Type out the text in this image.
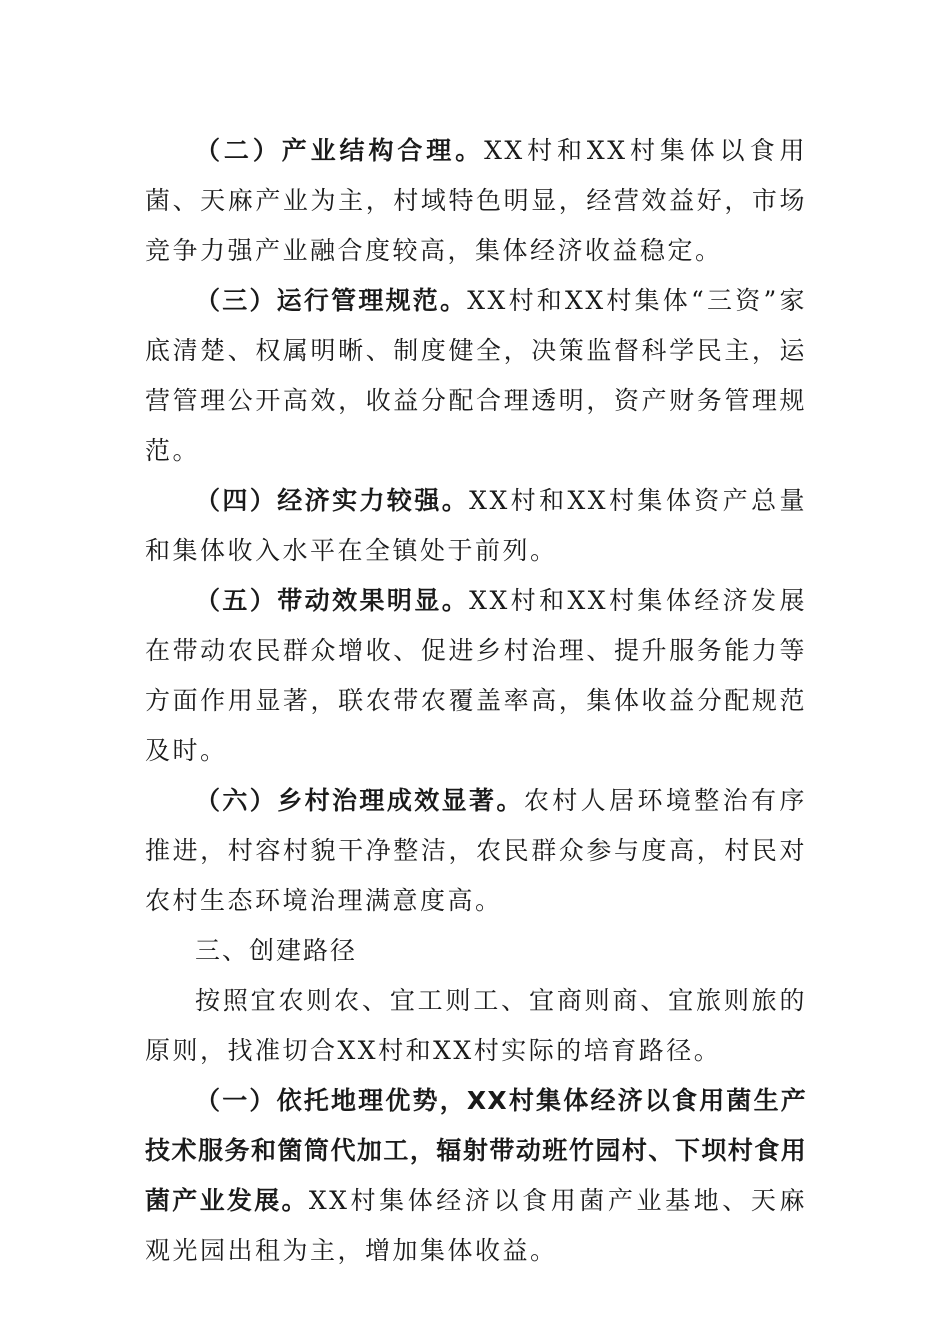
（二）产业结构合理。XX村和XX村集体以食用菌、天麻产业为主，村域特色明显，经营效益好，市场竞争力强产业融合度较高，集体经济收益稳定。

（三）运行管理规范。XX村和XX村集体“三资”家底清楚、权属明晰、制度健全，决策监督科学民主，运营管理公开高效，收益分配合理透明，资产财务管理规范。

（四）经济实力较强。XX村和XX村集体资产总量和集体收入水平在全镇处于前列。

（五）带动效果明显。XX村和XX村集体经济发展在带动农民群众增收、促进乡村治理、提升服务能力等方面作用显著，联农带农覆盖率高，集体收益分配规范及时。

（六）乡村治理成效显著。农村人居环境整治有序推进，村容村貌干净整洁，农民群众参与度高，村民对农村生态环境治理满意度高。

三、创建路径

按照宜农则农、宜工则工、宜商则商、宜旅则旅的原则，找准切合XX村和XX村实际的培育路径。

（一）依托地理优势，XX村集体经济以食用菌生产技术服务和箘筒代加工，辐射带动班竹园村、下坝村食用菌产业发展。XX村集体经济以食用菌产业基地、天麻观光园出租为主，增加集体收益。
